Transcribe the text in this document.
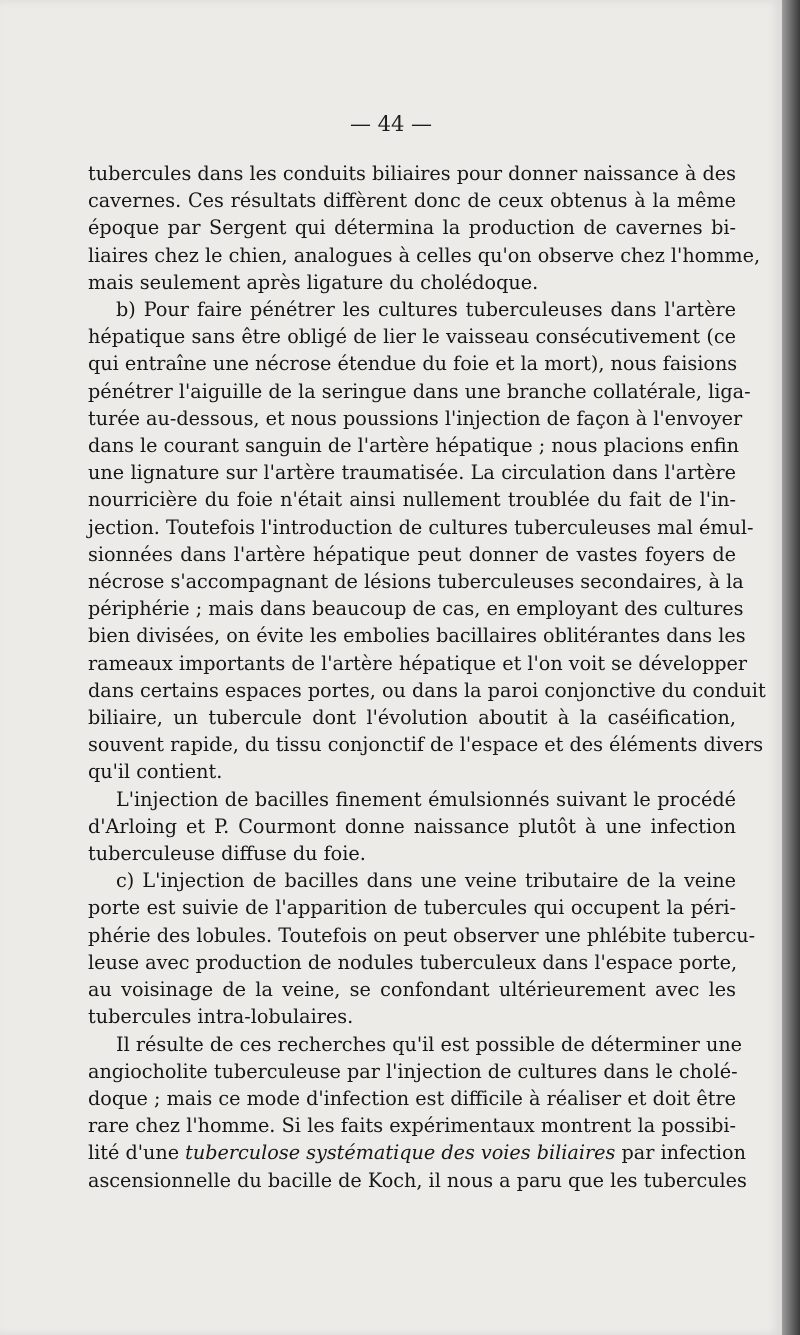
— 44 —
tubercules dans les conduits biliaires pour donner naissance à des
cavernes. Ces résultats diffèrent donc de ceux obtenus à la même
époque par Sergent qui détermina la production de cavernes bi-
liaires chez le chien, analogues à celles qu'on observe chez l'homme,
mais seulement après ligature du cholédoque.
b) Pour faire pénétrer les cultures tuberculeuses dans l'artère
hépatique sans être obligé de lier le vaisseau consécutivement (ce
qui entraîne une nécrose étendue du foie et la mort), nous faisions
pénétrer l'aiguille de la seringue dans une branche collatérale, liga-
turée au-dessous, et nous poussions l'injection de façon à l'envoyer
dans le courant sanguin de l'artère hépatique ; nous placions enfin
une lignature sur l'artère traumatisée. La circulation dans l'artère
nourricière du foie n'était ainsi nullement troublée du fait de l'in-
jection. Toutefois l'introduction de cultures tuberculeuses mal émul-
sionnées dans l'artère hépatique peut donner de vastes foyers de
nécrose s'accompagnant de lésions tuberculeuses secondaires, à la
périphérie ; mais dans beaucoup de cas, en employant des cultures
bien divisées, on évite les embolies bacillaires oblitérantes dans les
rameaux importants de l'artère hépatique et l'on voit se développer
dans certains espaces portes, ou dans la paroi conjonctive du conduit
biliaire, un tubercule dont l'évolution aboutit à la caséification,
souvent rapide, du tissu conjonctif de l'espace et des éléments divers
qu'il contient.
L'injection de bacilles finement émulsionnés suivant le procédé
d'Arloing et P. Courmont donne naissance plutôt à une infection
tuberculeuse diffuse du foie.
c) L'injection de bacilles dans une veine tributaire de la veine
porte est suivie de l'apparition de tubercules qui occupent la péri-
phérie des lobules. Toutefois on peut observer une phlébite tubercu-
leuse avec production de nodules tuberculeux dans l'espace porte,
au voisinage de la veine, se confondant ultérieurement avec les
tubercules intra-lobulaires.
Il résulte de ces recherches qu'il est possible de déterminer une
angiocholite tuberculeuse par l'injection de cultures dans le cholé-
doque ; mais ce mode d'infection est difficile à réaliser et doit être
rare chez l'homme. Si les faits expérimentaux montrent la possibi-
lité d'une tuberculose systématique des voies biliaires par infection
ascensionnelle du bacille de Koch, il nous a paru que les tubercules
